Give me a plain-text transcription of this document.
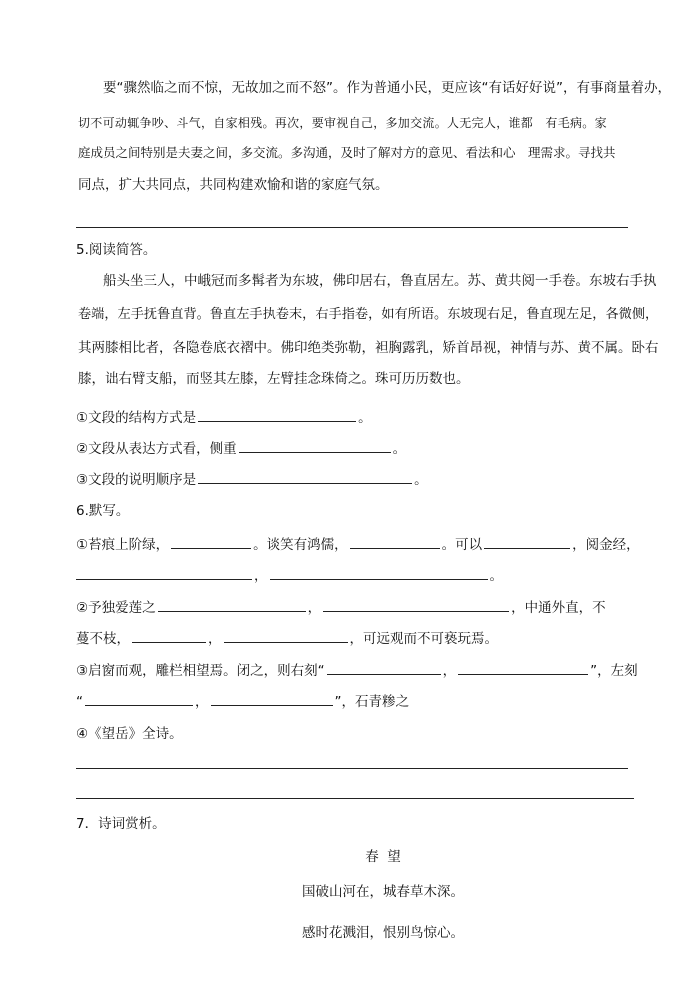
要“骤然临之而不惊，无故加之而不怒”。作为普通小民，更应该“有话好好说”，有事商量着办，
切不可动辄争吵、斗气，自家相残。再次，要审视自己，多加交流。人无完人，谁都　有毛病。家
庭成员之间特别是夫妻之间，多交流。多沟通，及时了解对方的意见、看法和心　理需求。寻找共
同点，扩大共同点，共同构建欢愉和谐的家庭气氛。
5.阅读简答。
船头坐三人，中峨冠而多髯者为东坡，佛印居右，鲁直居左。苏、黄共阅一手卷。东坡右手执
卷端，左手抚鲁直背。鲁直左手执卷末，右手指卷，如有所语。东坡现右足，鲁直现左足，各微侧，
其两膝相比者，各隐卷底衣褶中。佛印绝类弥勒，袒胸露乳，矫首昂视，神情与苏、黄不属。卧右
膝，诎右臂支船，而竖其左膝，左臂挂念珠倚之。珠可历历数也。
①文段的结构方式是	。
②文段从表达方式看，侧重	。
③文段的说明顺序是	。
6.默写。
①苔痕上阶绿，	。谈笑有鸿儒，	。可以	，阅金经，
，	。
②予独爱莲之	，	，中通外直，不
蔓不枝，	，	，可远观而不可亵玩焉。
③启窗而观，雕栏相望焉。闭之，则右刻“	，	”，左刻
“	，	”，石青糁之
④《望岳》全诗。
7．诗词赏析。
春  望
国破山河在，城春草木深。
感时花溅泪，恨别鸟惊心。
